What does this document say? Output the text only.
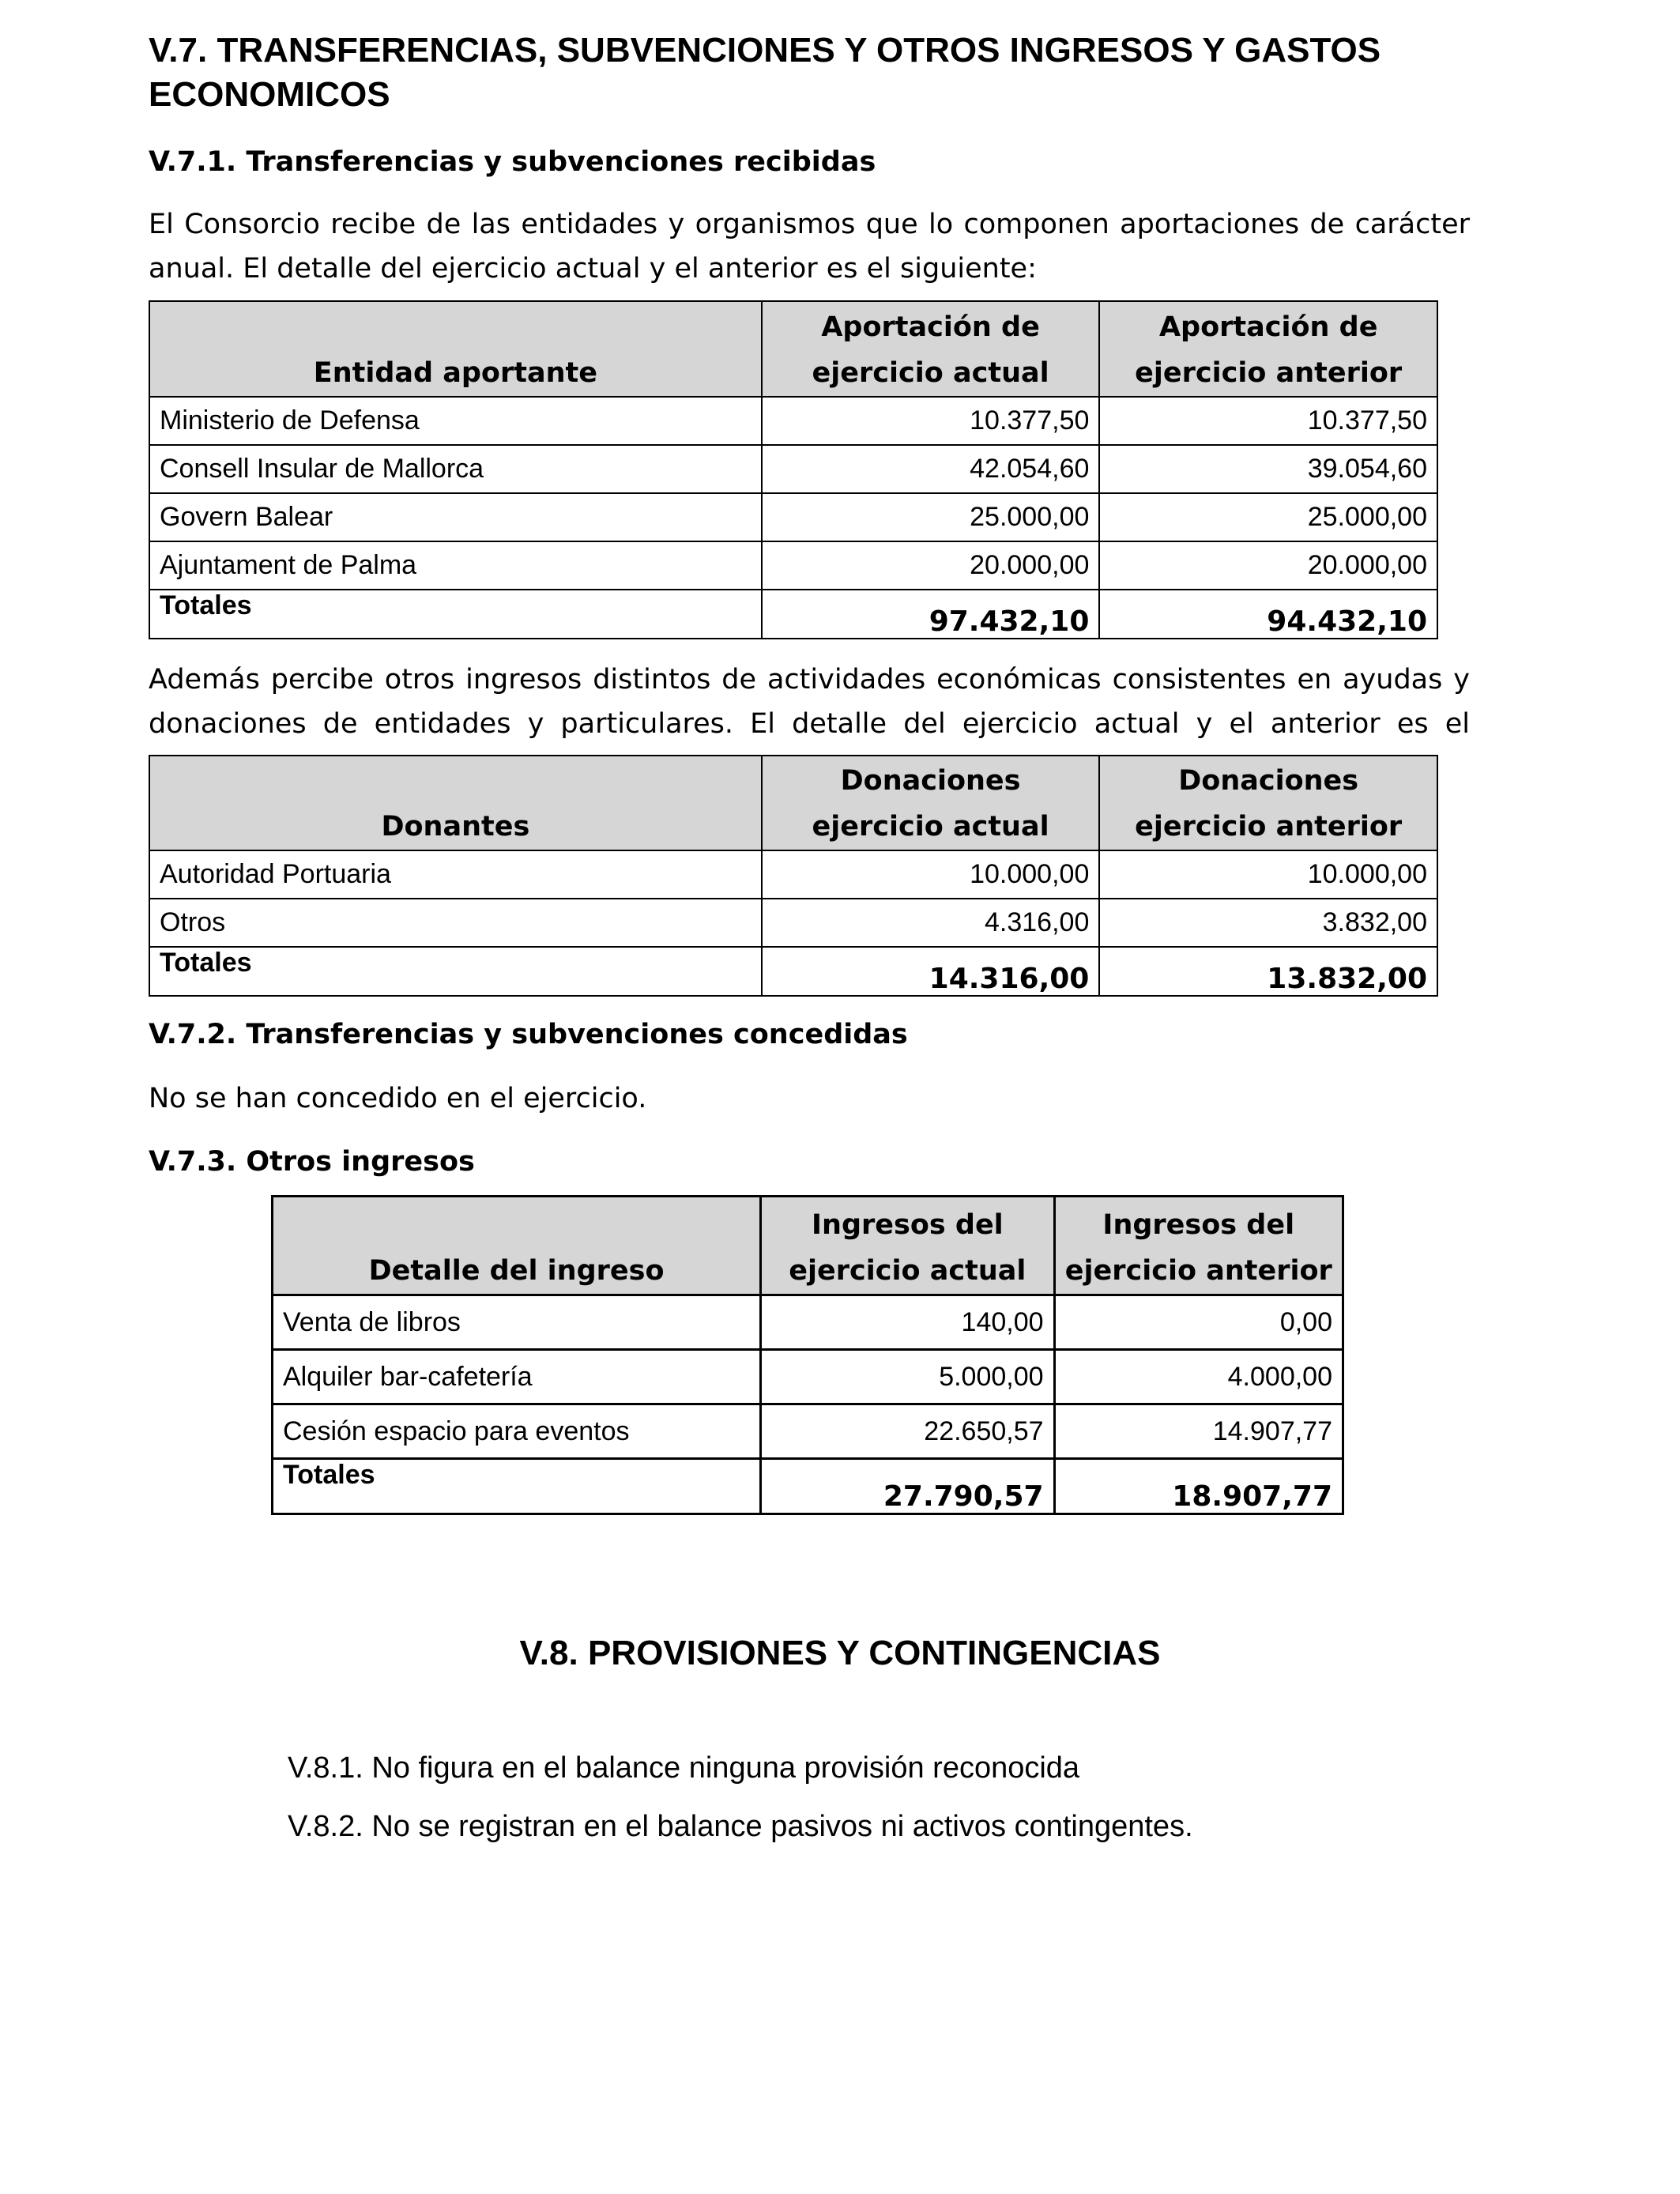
V.7. TRANSFERENCIAS, SUBVENCIONES Y OTROS INGRESOS Y GASTOS ECONOMICOS
V.7.1. Transferencias y subvenciones recibidas
El Consorcio recibe de las entidades y organismos que lo componen aportaciones de carácter
anual. El detalle del ejercicio actual y el anterior es el siguiente:
Entidad aportante	Aportación de ejercicio actual	Aportación de ejercicio anterior
Ministerio de Defensa	10.377,50	10.377,50
Consell Insular de Mallorca	42.054,60	39.054,60
Govern Balear	25.000,00	25.000,00
Ajuntament de Palma	20.000,00	20.000,00
Totales	97.432,10	94.432,10
Además percibe otros ingresos distintos de actividades económicas consistentes en ayudas y
donaciones de entidades y particulares. El detalle del ejercicio actual y el anterior es el
Donantes	Donaciones ejercicio actual	Donaciones ejercicio anterior
Autoridad Portuaria	10.000,00	10.000,00
Otros	4.316,00	3.832,00
Totales	14.316,00	13.832,00
V.7.2. Transferencias y subvenciones concedidas
No se han concedido en el ejercicio.
V.7.3. Otros ingresos
Detalle del ingreso	Ingresos del ejercicio actual	Ingresos del ejercicio anterior
Venta de libros	140,00	0,00
Alquiler bar-cafetería	5.000,00	4.000,00
Cesión espacio para eventos	22.650,57	14.907,77
Totales	27.790,57	18.907,77
V.8. PROVISIONES Y CONTINGENCIAS
V.8.1. No figura en el balance ninguna provisión reconocida
V.8.2. No se registran en el balance pasivos ni activos contingentes.
